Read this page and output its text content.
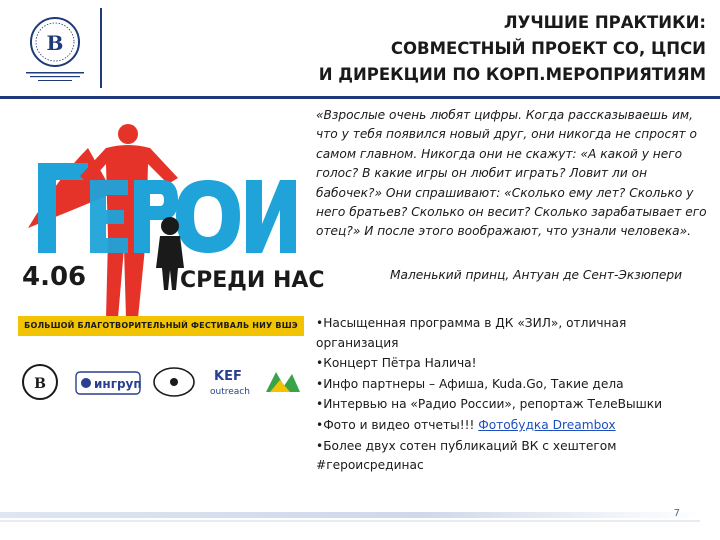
В
ЛУЧШИЕ ПРАКТИКИ:
СОВМЕСТНЫЙ ПРОЕКТ СО, ЦПСИ
И ДИРЕКЦИИ ПО КОРП.МЕРОПРИЯТИЯМ
4.06	СРЕДИ НАС
БОЛЬШОЙ БЛАГОТВОРИТЕЛЬНЫЙ ФЕСТИВАЛЬ НИУ ВШЭ
В	ингруп	KEF
outreach
«Взрослые очень любят цифры. Когда рассказываешь им, что у тебя появился новый друг, они никогда не спросят о самом главном. Никогда они не скажут: «А какой у него голос? В какие игры он любит играть? Ловит ли он бабочек?» Они спрашивают: «Сколько ему лет? Сколько у него братьев? Сколько он весит? Сколько зарабатывает его отец?» И после этого воображают, что узнали человека».
Маленький принц, Антуан де Сент-Экзюпери
•Насыщенная программа в ДК «ЗИЛ», отличная организация
•Концерт Пётра Налича!
•Инфо партнеры – Афиша, Kuda.Go, Такие дела
•Интервью на «Радио России», репортаж ТелеВышки
•Фото и видео отчеты!!! Фотобудка Dreambox
•Более двух сотен публикаций ВК с хештегом #героисрединас
7
